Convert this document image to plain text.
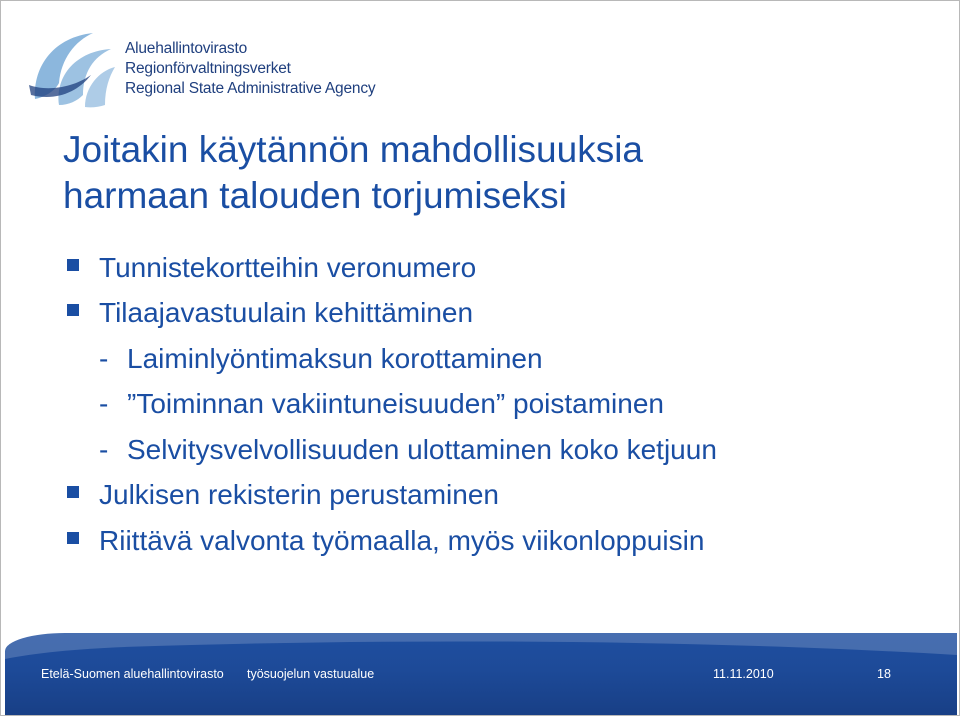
Aluehallintovirasto
Regionförvaltningsverket
Regional State Administrative Agency
Joitakin käytännön mahdollisuuksia
harmaan talouden torjumiseksi
Tunnistekortteihin veronumero
Tilaajavastuulain kehittäminen
- Laiminlyöntimaksun korottaminen
- ”Toiminnan vakiintuneisuuden” poistaminen
- Selvitysvelvollisuuden ulottaminen koko ketjuun
Julkisen rekisterin perustaminen
Riittävä valvonta työmaalla, myös viikonloppuisin
Etelä-Suomen aluehallintovirasto työsuojelun vastuualue	11.11.2010	18
